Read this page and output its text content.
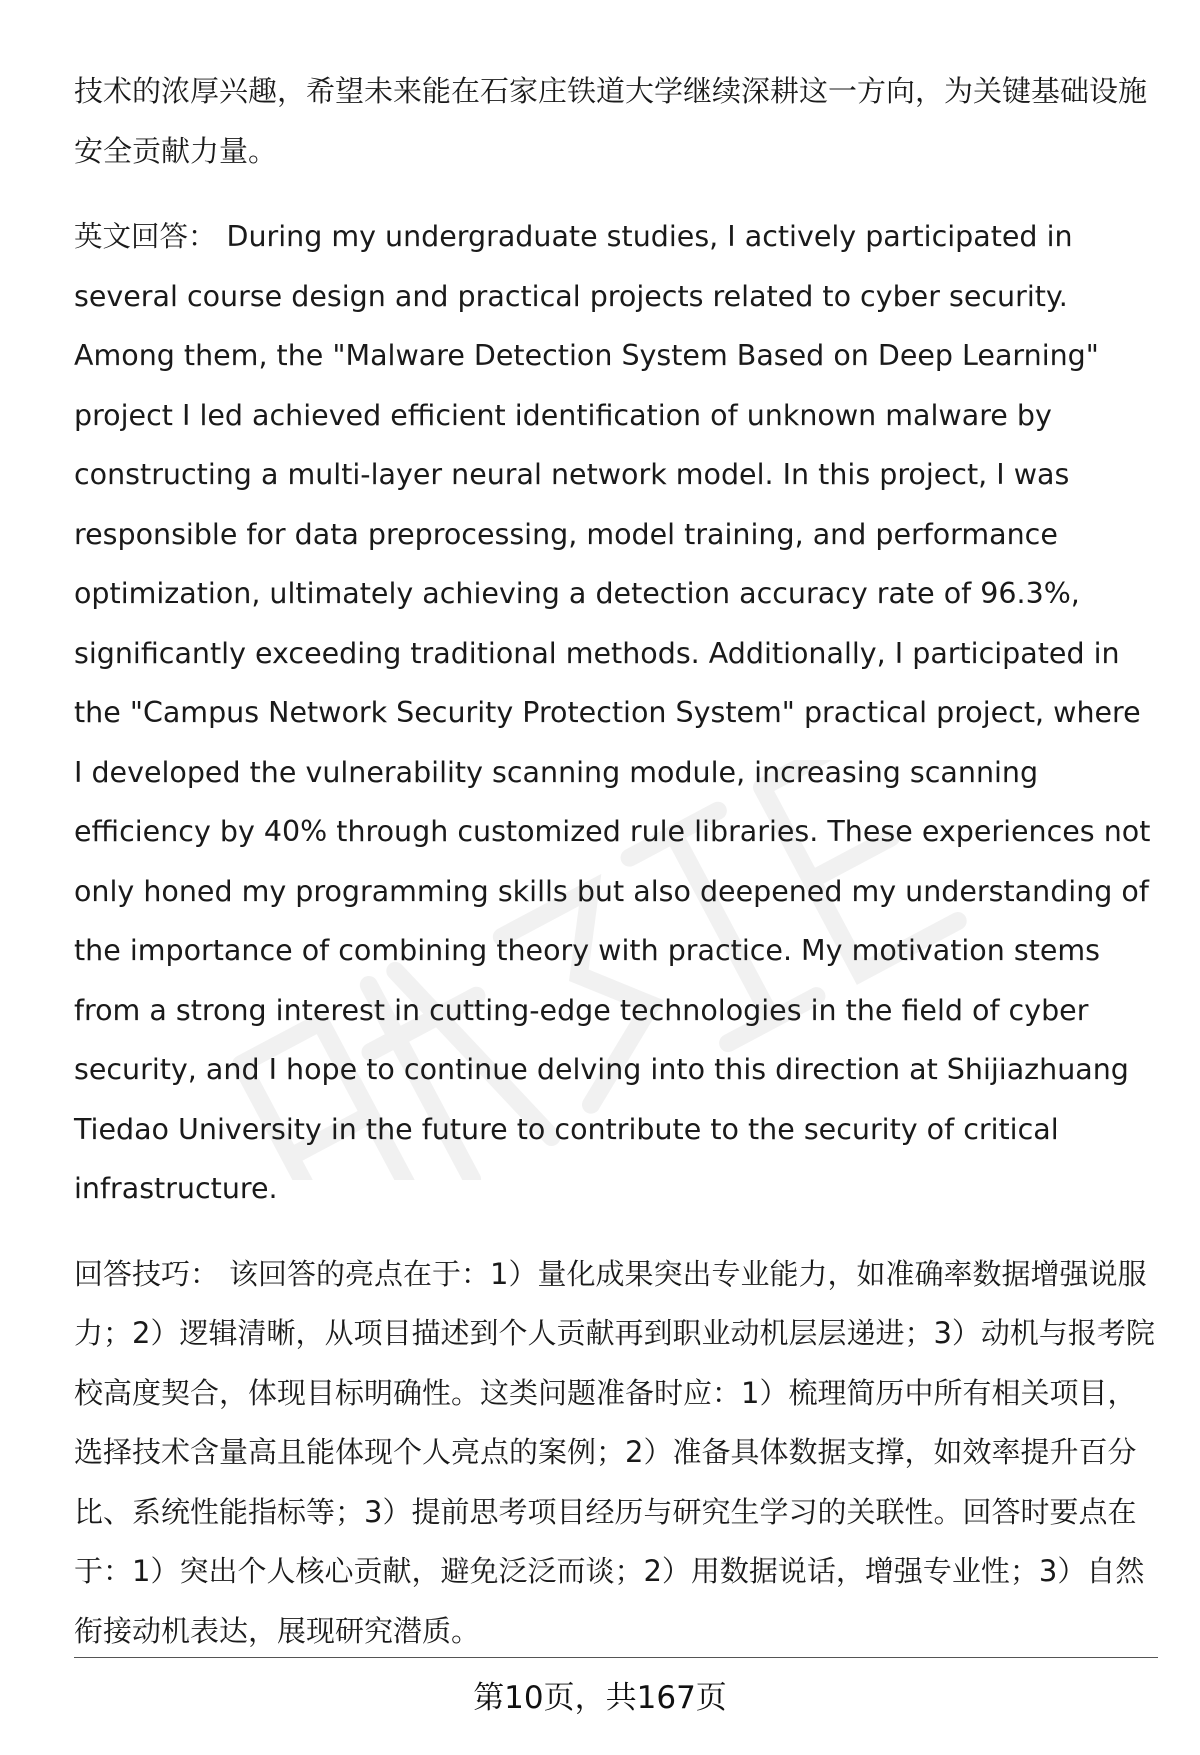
技术的浓厚兴趣，希望未来能在石家庄铁道大学继续深耕这一方向，为关键基础设施安全贡献力量。

英文回答： During my undergraduate studies, I actively participated in several course design and practical projects related to cyber security. Among them, the "Malware Detection System Based on Deep Learning" project I led achieved efficient identification of unknown malware by constructing a multi-layer neural network model. In this project, I was responsible for data preprocessing, model training, and performance optimization, ultimately achieving a detection accuracy rate of 96.3%, significantly exceeding traditional methods. Additionally, I participated in the "Campus Network Security Protection System" practical project, where I developed the vulnerability scanning module, increasing scanning efficiency by 40% through customized rule libraries. These experiences not only honed my programming skills but also deepened my understanding of the importance of combining theory with practice. My motivation stems from a strong interest in cutting-edge technologies in the field of cyber security, and I hope to continue delving into this direction at Shijiazhuang Tiedao University in the future to contribute to the security of critical infrastructure.

回答技巧： 该回答的亮点在于：1）量化成果突出专业能力，如准确率数据增强说服力；2）逻辑清晰，从项目描述到个人贡献再到职业动机层层递进；3）动机与报考院校高度契合，体现目标明确性。这类问题准备时应：1）梳理简历中所有相关项目，选择技术含量高且能体现个人亮点的案例；2）准备具体数据支撑，如效率提升百分比、系统性能指标等；3）提前思考项目经历与研究生学习的关联性。回答时要点在于：1）突出个人核心贡献，避免泛泛而谈；2）用数据说话，增强专业性；3）自然衔接动机表达，展现研究潜质。

第10页，共167页
